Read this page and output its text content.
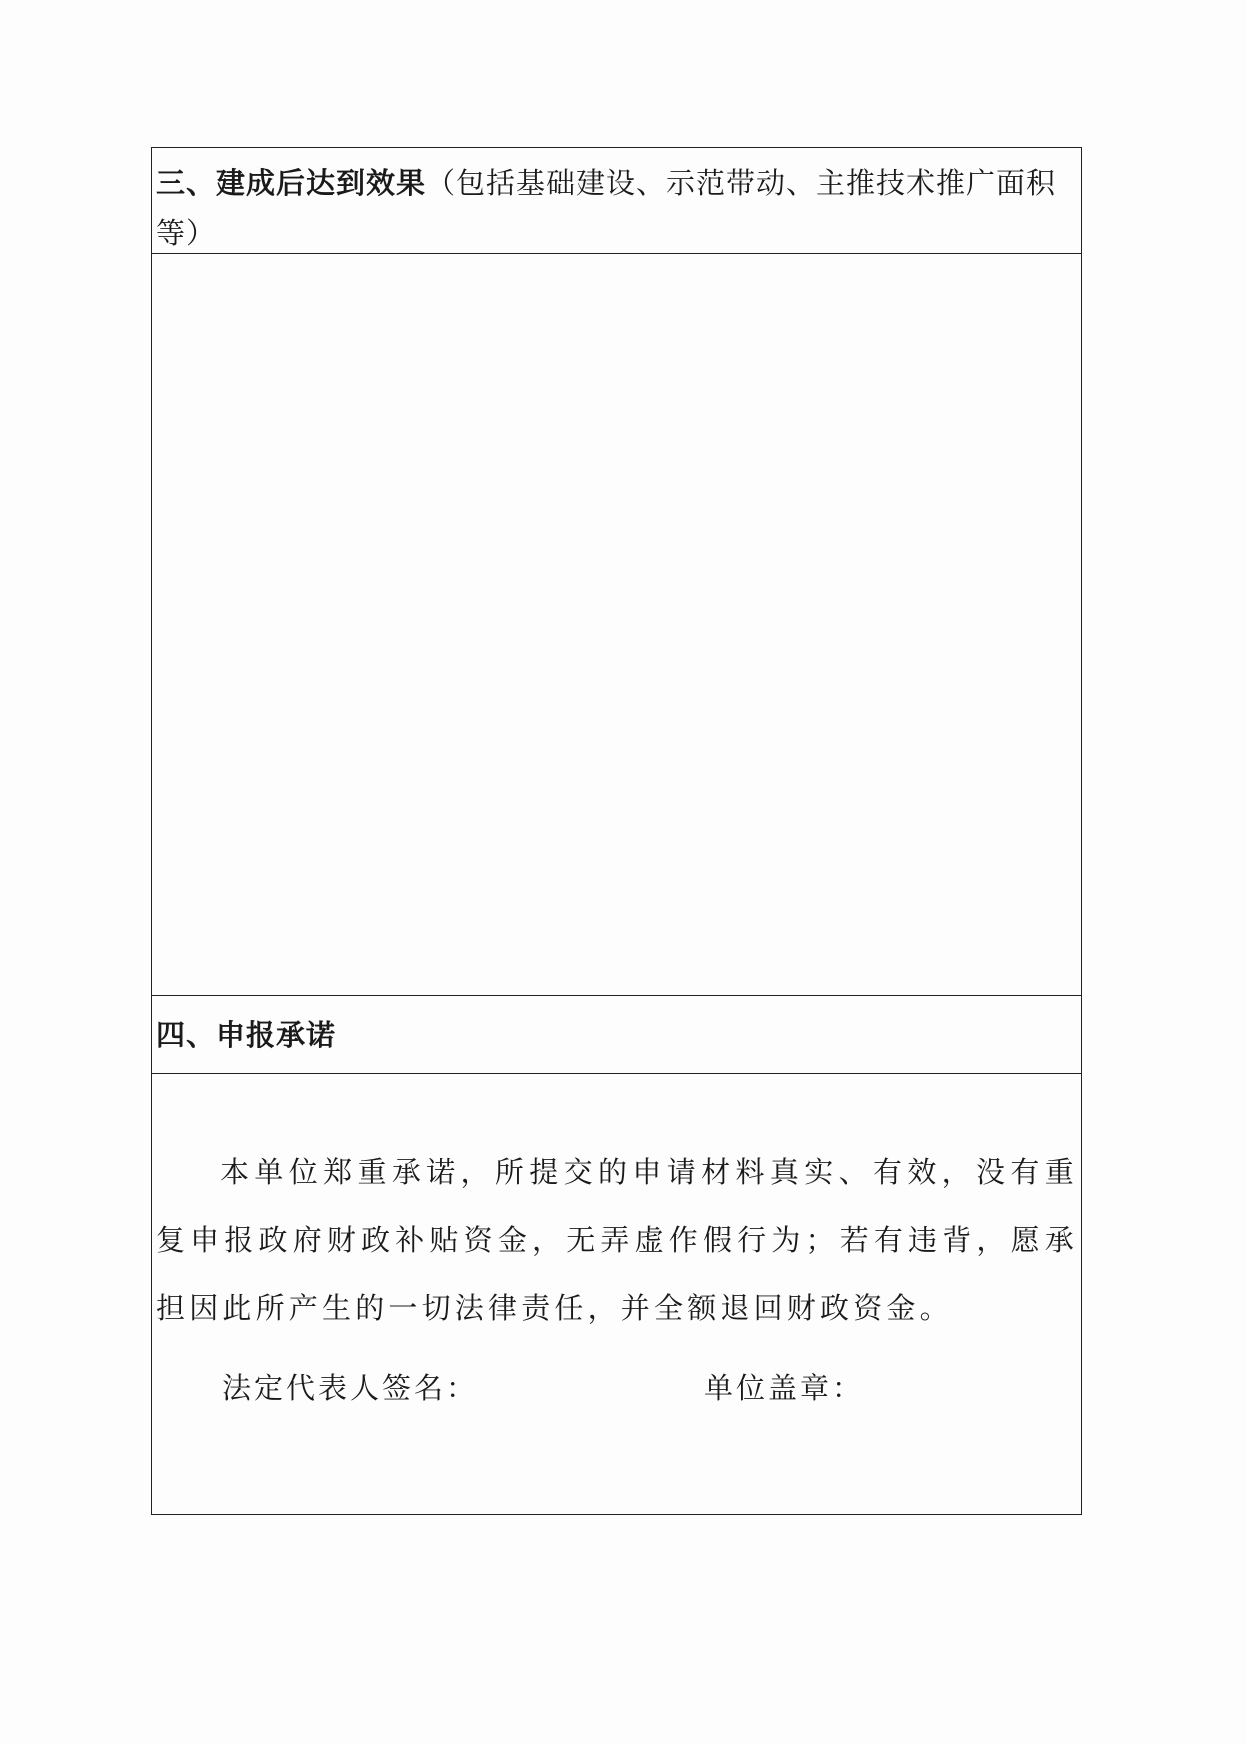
三、建成后达到效果（包括基础建设、示范带动、主推技术推广面积等）
四、申报承诺
本单位郑重承诺，所提交的申请材料真实、有效，没有重复申报政府财政补贴资金，无弄虚作假行为；若有违背，愿承担因此所产生的一切法律责任，并全额退回财政资金。
法定代表人签名：	单位盖章：
